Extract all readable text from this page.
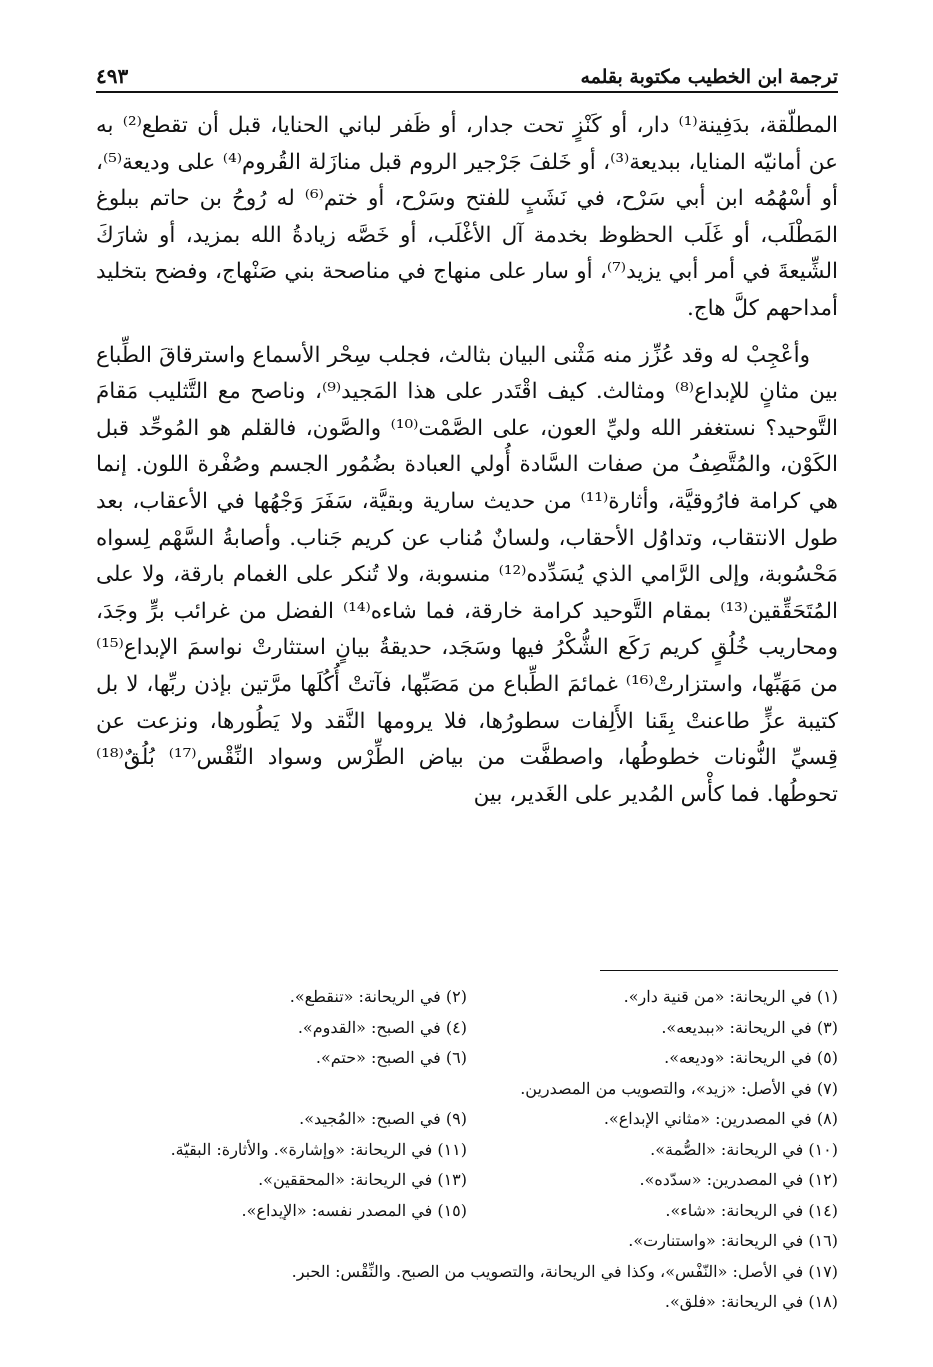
ترجمة ابن الخطيب مكتوبة بقلمه
٤٩٣

المطلّقة، بدَفِينة⁽¹⁾ دار، أو كَنْزٍ تحت جدار، أو ظَفر لباني الحنايا، قبل أن تقطع⁽²⁾ به عن أمانيّه المنايا، ببديعة⁽³⁾، أو خَلفَ جَرْجير الروم قبل منازَلة القُروم⁽⁴⁾ على وديعة⁽⁵⁾، أو أسْهُمُه ابن أبي سَرْح، في نَشَبٍ للفتح وسَرْح، أو ختم⁽⁶⁾ له رُوحُ بن حاتم ببلوغ المَطْلَب، أو غَلَب الحظوظ بخدمة آل الأغْلَب، أو خَصَّه زيادةُ الله بمزيد، أو شارَكَ الشِّيعةَ في أمر أبي يزيد⁽⁷⁾، أو سار على منهاج في مناصحة بني صَنْهاج، وفضح بتخليد أمداحهم كلَّ هاج.

وأعْجِبْ له وقد عُزِّز منه مَثْنى البيان بثالث، فجلب سِحْر الأسماع واسترقاقَ الطِّباع بين مثانٍ للإبداع⁽⁸⁾ ومثالث. كيف اقْتَدر على هذا المَجيد⁽⁹⁾، وناصح مع التَّثليب مَقامَ التَّوحيد؟ نستغفر الله وليِّ العون، على الصَّمْت⁽¹⁰⁾ والصَّون، فالقلم هو المُوحِّد قبل الكَوْن، والمُتَّصِفُ من صفات السَّادة أُولي العبادة بضُمُور الجسم وصُفْرة اللون. إنما هي كرامة فارُوقيَّة، وأثارة⁽¹¹⁾ من حديث سارية وبقيَّة، سَفَرَ وَجْهُها في الأعقاب، بعد طول الانتقاب، وتداوُل الأحقاب، ولسانٌ مُناب عن كريم جَناب. وأصابةُ السَّهْم لِسواه مَحْسُوبة، وإلى الرَّامي الذي يُسَدِّده⁽¹²⁾ منسوبة، ولا تُنكر على الغمام بارقة، ولا على المُتَحَقِّقين⁽¹³⁾ بمقام التَّوحيد كرامة خارقة، فما شاءه⁽¹⁴⁾ الفضل من غرائب برٍّ وجَدَ، ومحاريب خُلُقٍ كريم رَكَع الشُّكْرُ فيها وسَجَد، حديقةُ بيانٍ استثارتْ نواسمَ الإبداع⁽¹⁵⁾ من مَهَبِّها، واستزارتْ⁽¹⁶⁾ غمائمَ الطِّباع من مَصَبِّها، فآتتْ أُكُلَها مرَّتين بإذن ربِّها، لا بل كتيبة عزٍّ طاعنتْ بِقَنا الأَلِفات سطورُها، فلا يرومها النَّقد ولا يَطُورها، ونزعت عن قِسيِّ النُّونات خطوطُها، واصطفَّت من بياض الطِّرْس وسواد النِّقْس⁽¹⁷⁾ بُلُقٌ⁽¹⁸⁾ تحوطُها. فما كأْس المُدير على الغَدير، بين

(١) في الريحانة: «من قنية دار».
(٢) في الريحانة: «تنقطع».
(٣) في الريحانة: «ببديعه».
(٤) في الصبح: «القدوم».
(٥) في الريحانة: «وديعه».
(٦) في الصبح: «حتم».
(٧) في الأصل: «زيد»، والتصويب من المصدرين.
(٨) في المصدرين: «مثاني الإبداع».
(٩) في الصبح: «المُجيد».
(١٠) في الريحانة: «الصُّمة».
(١١) في الريحانة: «وإشارة». والأثارة: البقيّة.
(١٢) في المصدرين: «سدّده».
(١٣) في الريحانة: «المحققين».
(١٤) في الريحانة: «شاء».
(١٥) في المصدر نفسه: «الإيداع».
(١٦) في الريحانة: «واستنارت».
(١٧) في الأصل: «النّفْس»، وكذا في الريحانة، والتصويب من الصبح. والنِّقْس: الحبر.
(١٨) في الريحانة: «فلق».
